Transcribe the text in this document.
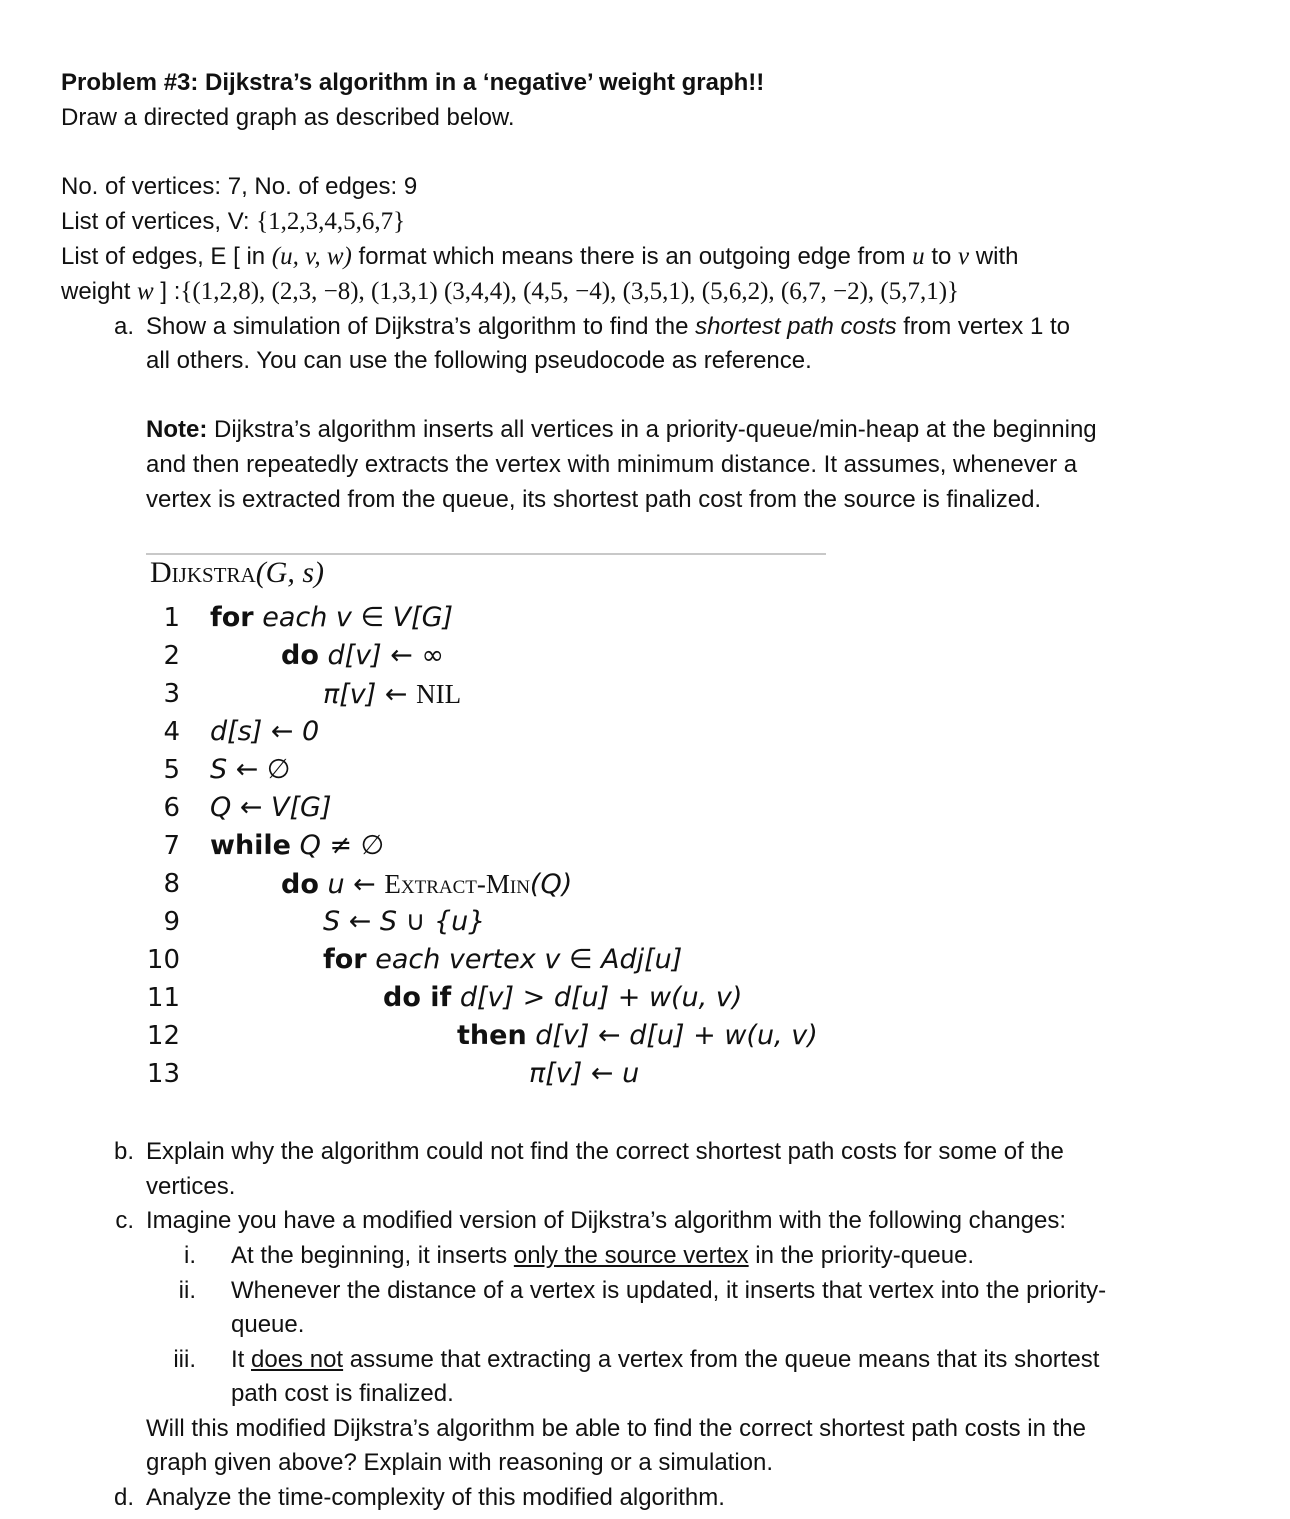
Problem #3: Dijkstra’s algorithm in a ‘negative’ weight graph!!
Draw a directed graph as described below.
No. of vertices: 7, No. of edges: 9
List of vertices, V: {1,2,3,4,5,6,7}
List of edges, E [ in (u, v, w) format which means there is an outgoing edge from u to v with
weight w ] :{(1,2,8), (2,3, −8), (1,3,1) (3,4,4), (4,5, −4), (3,5,1), (5,6,2), (6,7, −2), (5,7,1)}
a. Show a simulation of Dijkstra’s algorithm to find the shortest path costs from vertex 1 to
all others. You can use the following pseudocode as reference.
Note: Dijkstra’s algorithm inserts all vertices in a priority-queue/min-heap at the beginning
and then repeatedly extracts the vertex with minimum distance. It assumes, whenever a
vertex is extracted from the queue, its shortest path cost from the source is finalized.
Dijkstra(G, s)
1
2
3
4
5
6
7
8
9
10
11
12
13
for each v ∈ V[G]
do d[v] ← ∞
π[v] ← NIL
d[s] ← 0
S ← ∅
Q ← V[G]
while Q ≠ ∅
do u ← Extract-Min(Q)
S ← S ∪ {u}
for each vertex v ∈ Adj[u]
do if d[v] > d[u] + w(u, v)
then d[v] ← d[u] + w(u, v)
π[v] ← u
b. Explain why the algorithm could not find the correct shortest path costs for some of the
vertices.
c. Imagine you have a modified version of Dijkstra’s algorithm with the following changes:
i. At the beginning, it inserts only the source vertex in the priority-queue.
ii. Whenever the distance of a vertex is updated, it inserts that vertex into the priority-
queue.
iii. It does not assume that extracting a vertex from the queue means that its shortest
path cost is finalized.
Will this modified Dijkstra’s algorithm be able to find the correct shortest path costs in the
graph given above? Explain with reasoning or a simulation.
d. Analyze the time-complexity of this modified algorithm.
